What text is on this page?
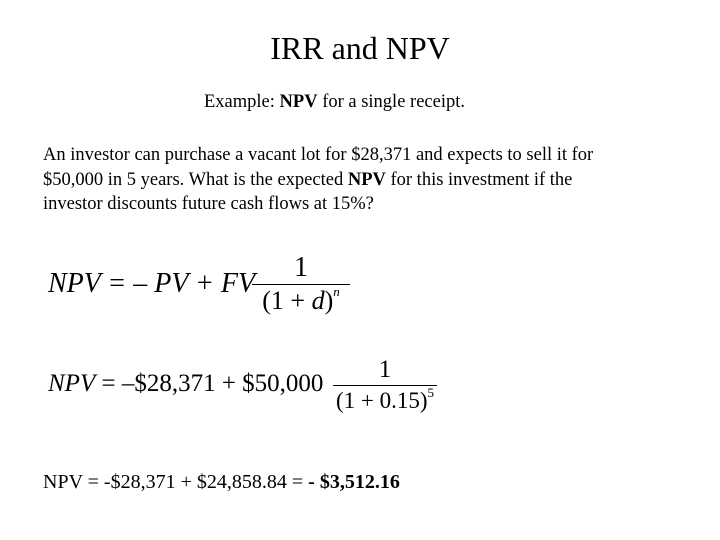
IRR and NPV
Example: NPV for a single receipt.
An investor can purchase a vacant lot for $28,371 and expects to sell it for
$50,000 in 5 years. What is the expected NPV for this investment if the
investor discounts future cash flows at 15%?
NPV = – PV + FV
1
$(1 + d)^n$
NPV = –$28,371 + $50,000
1
$(1 + 0.15)^5$
NPV = -$28,371 + $24,858.84 = - $3,512.16
